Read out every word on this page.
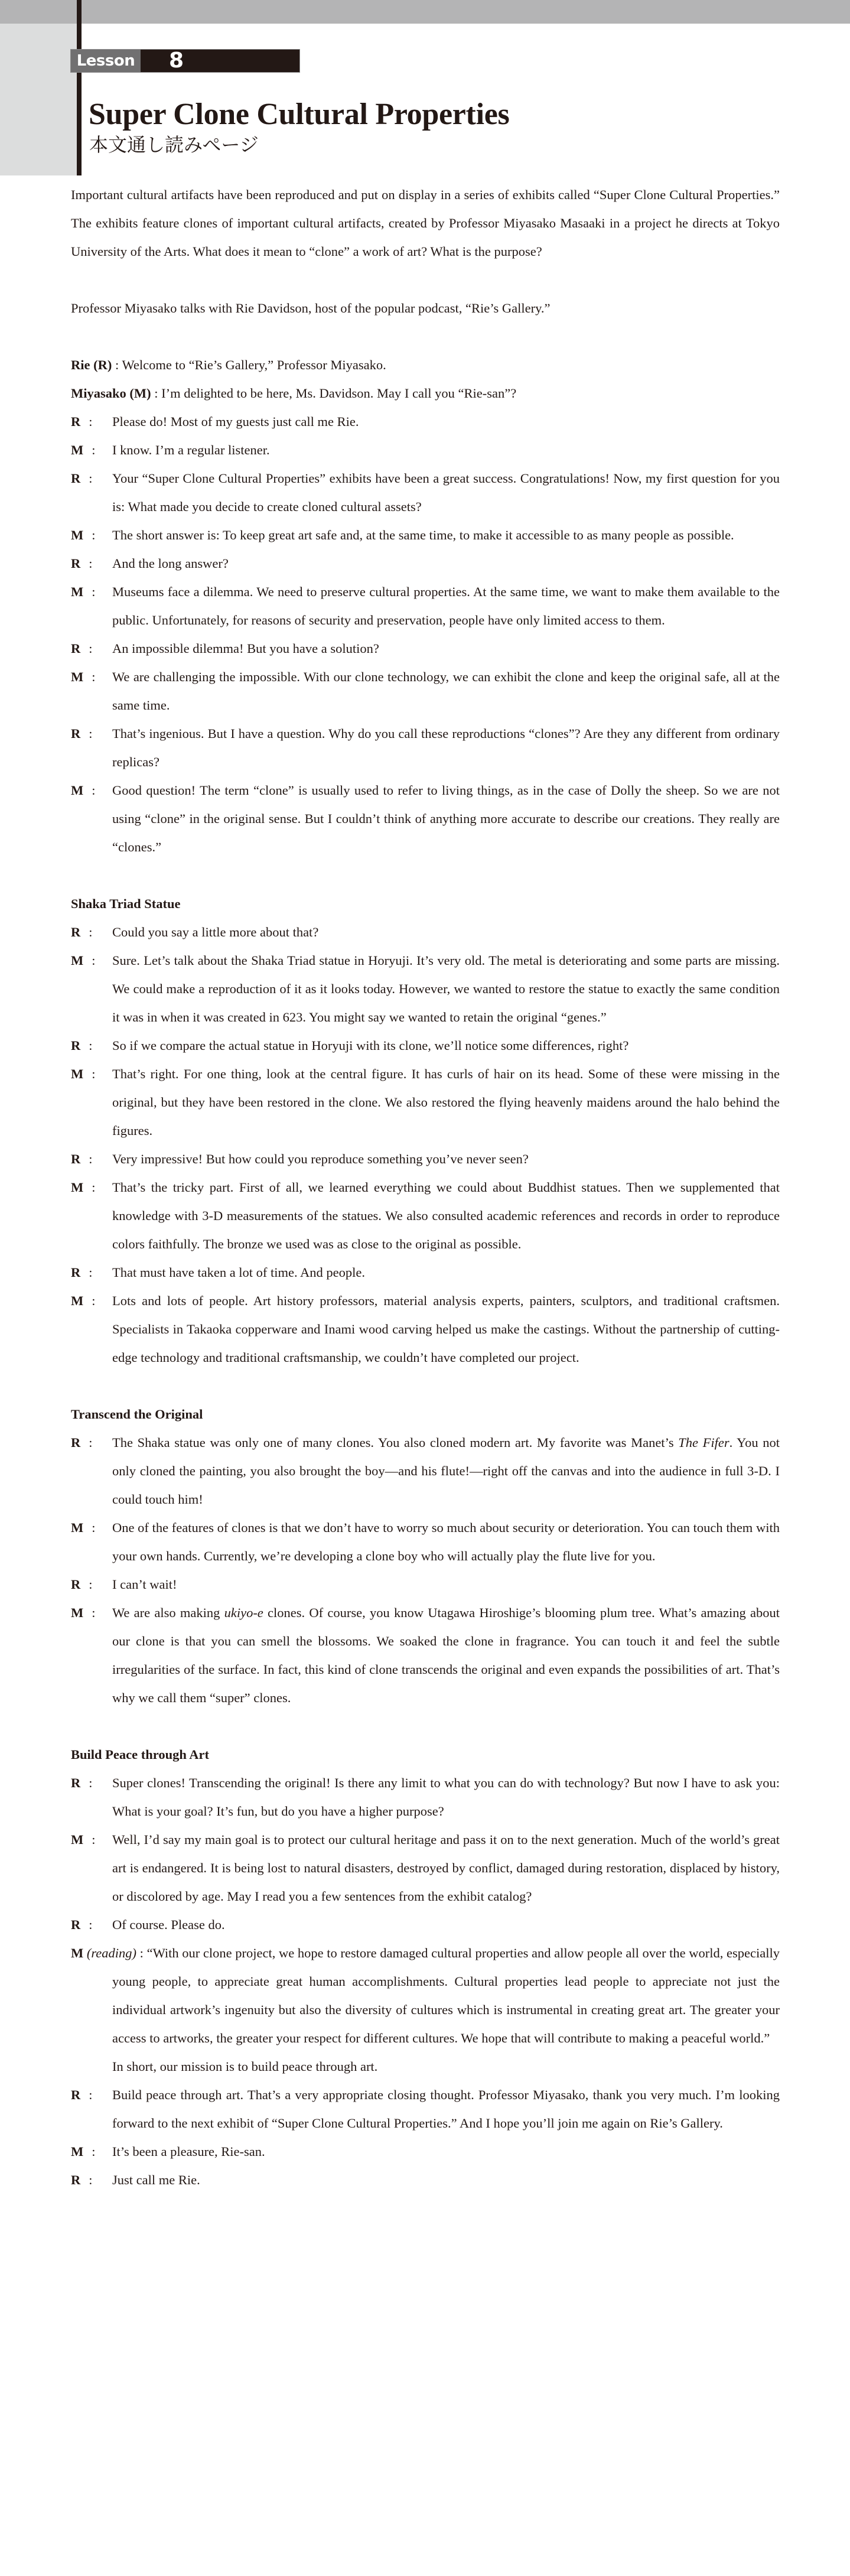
Lesson 8
Super Clone Cultural Properties
本文通し読みページ

Important cultural artifacts have been reproduced and put on display in a series of exhibits called “Super Clone Cultural Properties.” The exhibits feature clones of important cultural artifacts, created by Professor Miyasako Masaaki in a project he directs at Tokyo University of the Arts. What does it mean to “clone” a work of art? What is the purpose?

Professor Miyasako talks with Rie Davidson, host of the popular podcast, “Rie’s Gallery.”

Rie (R) : Welcome to “Rie’s Gallery,” Professor Miyasako.
Miyasako (M) : I’m delighted to be here, Ms. Davidson. May I call you “Rie-san”?
R :	Please do! Most of my guests just call me Rie.
M :	I know. I’m a regular listener.
R :	Your “Super Clone Cultural Properties” exhibits have been a great success. Congratulations! Now, my first question for you is: What made you decide to create cloned cultural assets?
M :	The short answer is: To keep great art safe and, at the same time, to make it accessible to as many people as possible.
R :	And the long answer?
M :	Museums face a dilemma. We need to preserve cultural properties. At the same time, we want to make them available to the public. Unfortunately, for reasons of security and preservation, people have only limited access to them.
R :	An impossible dilemma! But you have a solution?
M :	We are challenging the impossible. With our clone technology, we can exhibit the clone and keep the original safe, all at the same time.
R :	That’s ingenious. But I have a question. Why do you call these reproductions “clones”? Are they any different from ordinary replicas?
M :	Good question! The term “clone” is usually used to refer to living things, as in the case of Dolly the sheep. So we are not using “clone” in the original sense. But I couldn’t think of anything more accurate to describe our creations. They really are “clones.”
Shaka Triad Statue
R :	Could you say a little more about that?
M :	Sure. Let’s talk about the Shaka Triad statue in Horyuji. It’s very old. The metal is deteriorating and some parts are missing. We could make a reproduction of it as it looks today. However, we wanted to restore the statue to exactly the same condition it was in when it was created in 623. You might say we wanted to retain the original “genes.”
R :	So if we compare the actual statue in Horyuji with its clone, we’ll notice some differences, right?
M :	That’s right. For one thing, look at the central figure. It has curls of hair on its head. Some of these were missing in the original, but they have been restored in the clone. We also restored the flying heavenly maidens around the halo behind the figures.
R :	Very impressive! But how could you reproduce something you’ve never seen?
M :	That’s the tricky part. First of all, we learned everything we could about Buddhist statues. Then we supplemented that knowledge with 3-D measurements of the statues. We also consulted academic references and records in order to reproduce colors faithfully. The bronze we used was as close to the original as possible.
R :	That must have taken a lot of time. And people.
M :	Lots and lots of people. Art history professors, material analysis experts, painters, sculptors, and traditional craftsmen. Specialists in Takaoka copperware and Inami wood carving helped us make the castings. Without the partnership of cutting-edge technology and traditional craftsmanship, we couldn’t have completed our project.
Transcend the Original
R :	The Shaka statue was only one of many clones. You also cloned modern art. My favorite was Manet’s The Fifer. You not only cloned the painting, you also brought the boy—and his flute!—right off the canvas and into the audience in full 3-D. I could touch him!
M :	One of the features of clones is that we don’t have to worry so much about security or deterioration. You can touch them with your own hands. Currently, we’re developing a clone boy who will actually play the flute live for you.
R :	I can’t wait!
M :	We are also making ukiyo-e clones. Of course, you know Utagawa Hiroshige’s blooming plum tree. What’s amazing about our clone is that you can smell the blossoms. We soaked the clone in fragrance. You can touch it and feel the subtle irregularities of the surface. In fact, this kind of clone transcends the original and even expands the possibilities of art. That’s why we call them “super” clones.
Build Peace through Art
R :	Super clones! Transcending the original! Is there any limit to what you can do with technology? But now I have to ask you: What is your goal? It’s fun, but do you have a higher purpose?
M :	Well, I’d say my main goal is to protect our cultural heritage and pass it on to the next generation. Much of the world’s great art is endangered. It is being lost to natural disasters, destroyed by conflict, damaged during restoration, displaced by history, or discolored by age. May I read you a few sentences from the exhibit catalog?
R :	Of course. Please do.
M (reading) : “With our clone project, we hope to restore damaged cultural properties and allow people all over the world, especially young people, to appreciate great human accomplishments. Cultural properties lead people to appreciate not just the individual artwork’s ingenuity but also the diversity of cultures which is instrumental in creating great art. The greater your access to artworks, the greater your respect for different cultures. We hope that will contribute to making a peaceful world.”
In short, our mission is to build peace through art.
R :	Build peace through art. That’s a very appropriate closing thought. Professor Miyasako, thank you very much. I’m looking forward to the next exhibit of “Super Clone Cultural Properties.” And I hope you’ll join me again on Rie’s Gallery.
M :	It’s been a pleasure, Rie-san.
R :	Just call me Rie.
